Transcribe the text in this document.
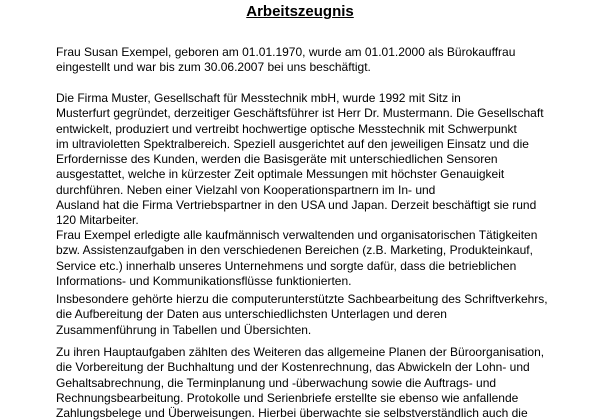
Arbeitszeugnis

Frau Susan Exempel, geboren am 01.01.1970, wurde am 01.01.2000 als Bürokauffrau
eingestellt und war bis zum 30.06.2007 bei uns beschäftigt.

Die Firma Muster, Gesellschaft für Messtechnik mbH, wurde 1992 mit Sitz in
Musterfurt gegründet, derzeitiger Geschäftsführer ist Herr Dr. Mustermann. Die Gesellschaft
entwickelt, produziert und vertreibt hochwertige optische Messtechnik mit Schwerpunkt
im ultravioletten Spektralbereich. Speziell ausgerichtet auf den jeweiligen Einsatz und die
Erfordernisse des Kunden, werden die Basisgeräte mit unterschiedlichen Sensoren
ausgestattet, welche in kürzester Zeit optimale Messungen mit höchster Genauigkeit
durchführen. Neben einer Vielzahl von Kooperationspartnern im In- und
Ausland hat die Firma Vertriebspartner in den USA und Japan. Derzeit beschäftigt sie rund
120 Mitarbeiter.

Frau Exempel erledigte alle kaufmännisch verwaltenden und organisatorischen Tätigkeiten
bzw. Assistenzaufgaben in den verschiedenen Bereichen (z.B. Marketing, Produkteinkauf,
Service etc.) innerhalb unseres Unternehmens und sorgte dafür, dass die betrieblichen
Informations- und Kommunikationsflüsse funktionierten.

Insbesondere gehörte hierzu die computerunterstützte Sachbearbeitung des Schriftverkehrs,
die Aufbereitung der Daten aus unterschiedlichsten Unterlagen und deren
Zusammenführung in Tabellen und Übersichten.

Zu ihren Hauptaufgaben zählten des Weiteren das allgemeine Planen der Büroorganisation,
die Vorbereitung der Buchhaltung und der Kostenrechnung, das Abwickeln der Lohn- und
Gehaltsabrechnung, die Terminplanung und -überwachung sowie die Auftrags- und
Rechnungsbearbeitung. Protokolle und Serienbriefe erstellte sie ebenso wie anfallende
Zahlungsbelege und Überweisungen. Hierbei überwachte sie selbstverständlich auch die
